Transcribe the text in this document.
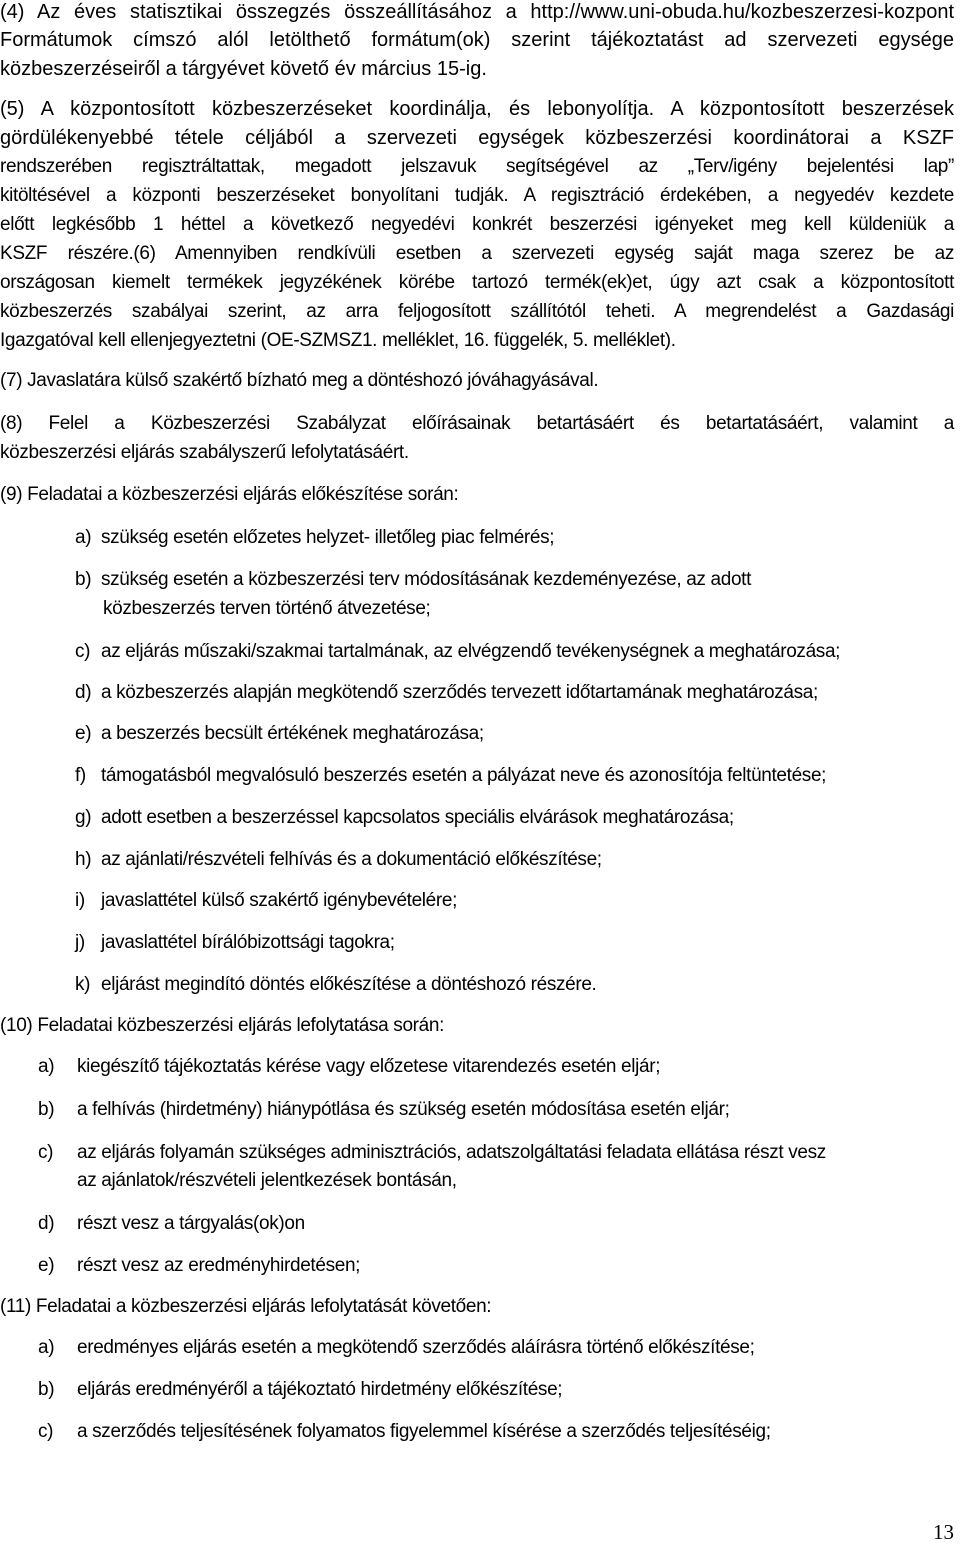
(4) Az éves statisztikai összegzés összeállításához a http://www.uni-obuda.hu/kozbeszerzesi-kozpont
Formátumok címszó alól letölthető formátum(ok) szerint tájékoztatást ad szervezeti egysége
közbeszerzéseiről a tárgyévet követő év március 15-ig.
(5) A központosított közbeszerzéseket koordinálja, és lebonyolítja. A központosított beszerzések
gördülékenyebbé tétele céljából a szervezeti egységek közbeszerzési koordinátorai a KSZF
rendszerében regisztráltattak, megadott jelszavuk segítségével az „Terv/igény bejelentési lap”
kitöltésével a központi beszerzéseket bonyolítani tudják. A regisztráció érdekében, a negyedév kezdete
előtt legkésőbb 1 héttel a következő negyedévi konkrét beszerzési igényeket meg kell küldeniük a
KSZF részére.(6) Amennyiben rendkívüli esetben a szervezeti egység saját maga szerez be az
országosan kiemelt termékek jegyzékének körébe tartozó termék(ek)et, úgy azt csak a központosított
közbeszerzés szabályai szerint, az arra feljogosított szállítótól teheti. A megrendelést a Gazdasági
Igazgatóval kell ellenjegyeztetni (OE-SZMSZ1. melléklet, 16. függelék, 5. melléklet).
(7) Javaslatára külső szakértő bízható meg a döntéshozó jóváhagyásával.
(8) Felel a Közbeszerzési Szabályzat előírásainak betartásáért és betartatásáért, valamint a
közbeszerzési eljárás szabályszerű lefolytatásáért.
(9) Feladatai a közbeszerzési eljárás előkészítése során:
a) szükség esetén előzetes helyzet- illetőleg piac felmérés;
b) szükség esetén a közbeszerzési terv módosításának kezdeményezése, az adott
közbeszerzés terven történő átvezetése;
c) az eljárás műszaki/szakmai tartalmának, az elvégzendő tevékenységnek a meghatározása;
d) a közbeszerzés alapján megkötendő szerződés tervezett időtartamának meghatározása;
e) a beszerzés becsült értékének meghatározása;
f) támogatásból megvalósuló beszerzés esetén a pályázat neve és azonosítója feltüntetése;
g) adott esetben a beszerzéssel kapcsolatos speciális elvárások meghatározása;
h) az ajánlati/részvételi felhívás és a dokumentáció előkészítése;
i) javaslattétel külső szakértő igénybevételére;
j) javaslattétel bírálóbizottsági tagokra;
k) eljárást megindító döntés előkészítése a döntéshozó részére.
(10) Feladatai közbeszerzési eljárás lefolytatása során:
a) kiegészítő tájékoztatás kérése vagy előzetese vitarendezés esetén eljár;
b) a felhívás (hirdetmény) hiánypótlása és szükség esetén módosítása esetén eljár;
c) az eljárás folyamán szükséges adminisztrációs, adatszolgáltatási feladata ellátása részt vesz
az ajánlatok/részvételi jelentkezések bontásán,
d) részt vesz a tárgyalás(ok)on
e) részt vesz az eredményhirdetésen;
(11) Feladatai a közbeszerzési eljárás lefolytatását követően:
a) eredményes eljárás esetén a megkötendő szerződés aláírásra történő előkészítése;
b) eljárás eredményéről a tájékoztató hirdetmény előkészítése;
c) a szerződés teljesítésének folyamatos figyelemmel kísérése a szerződés teljesítéséig;
13
